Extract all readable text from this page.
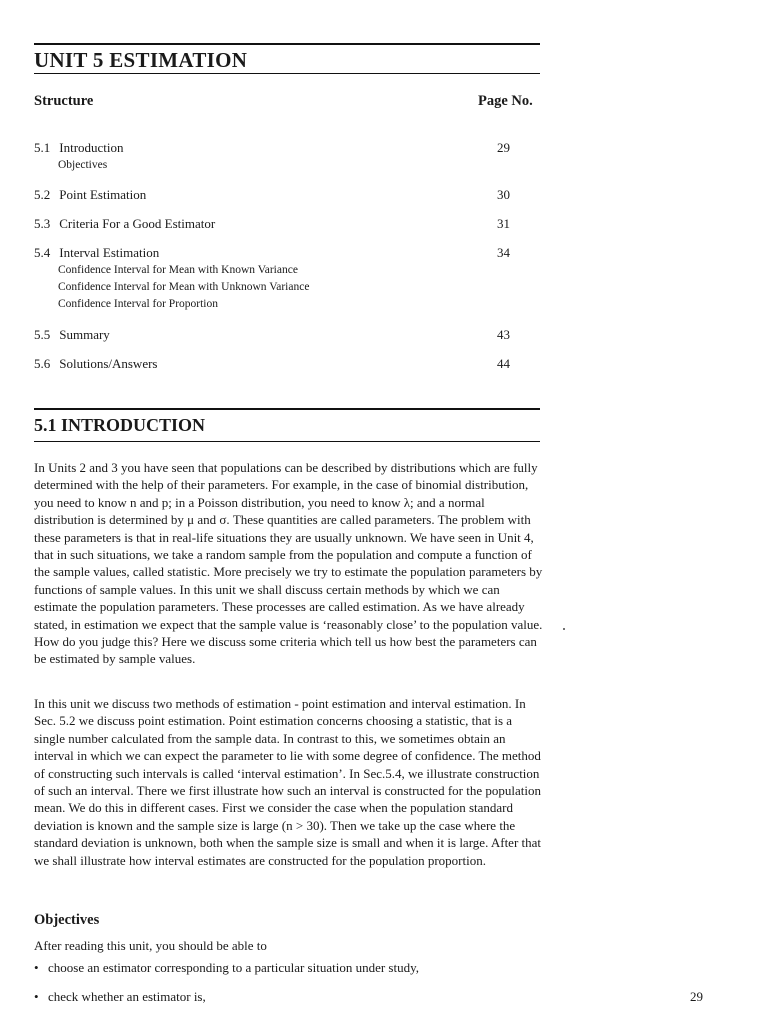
UNIT 5 ESTIMATION
Structure	Page No.
5.1 Introduction	29
Objectives
5.2 Point Estimation	30
5.3 Criteria For a Good Estimator	31
5.4 Interval Estimation	34
Confidence Interval for Mean with Known Variance
Confidence Interval for Mean with Unknown Variance
Confidence Interval for Proportion
5.5 Summary	43
5.6 Solutions/Answers	44
5.1 INTRODUCTION
In Units 2 and 3 you have seen that populations can be described by distributions which are fully determined with the help of their parameters. For example, in the case of binomial distribution, you need to know n and p; in a Poisson distribution, you need to know λ; and a normal distribution is determined by μ and σ. These quantities are called parameters. The problem with these parameters is that in real-life situations they are usually unknown. We have seen in Unit 4, that in such situations, we take a random sample from the population and compute a function of the sample values, called statistic. More precisely we try to estimate the population parameters by functions of sample values. In this unit we shall discuss certain methods by which we can estimate the population parameters. These processes are called estimation. As we have already stated, in estimation we expect that the sample value is ‘reasonably close’ to the population value. How do you judge this? Here we discuss some criteria which tell us how best the parameters can be estimated by sample values.
In this unit we discuss two methods of estimation - point estimation and interval estimation. In Sec. 5.2 we discuss point estimation. Point estimation concerns choosing a statistic, that is a single number calculated from the sample data. In contrast to this, we sometimes obtain an interval in which we can expect the parameter to lie with some degree of confidence. The method of constructing such intervals is called ‘interval estimation’. In Sec.5.4, we illustrate construction of such an interval. There we first illustrate how such an interval is constructed for the population mean. We do this in different cases. First we consider the case when the population standard deviation is known and the sample size is large (n > 30). Then we take up the case where the standard deviation is unknown, both when the sample size is small and when it is large. After that we shall illustrate how interval estimates are constructed for the population proportion.
Objectives
After reading this unit, you should be able to
• choose an estimator corresponding to a particular situation under study,
• check whether an estimator is,	29
